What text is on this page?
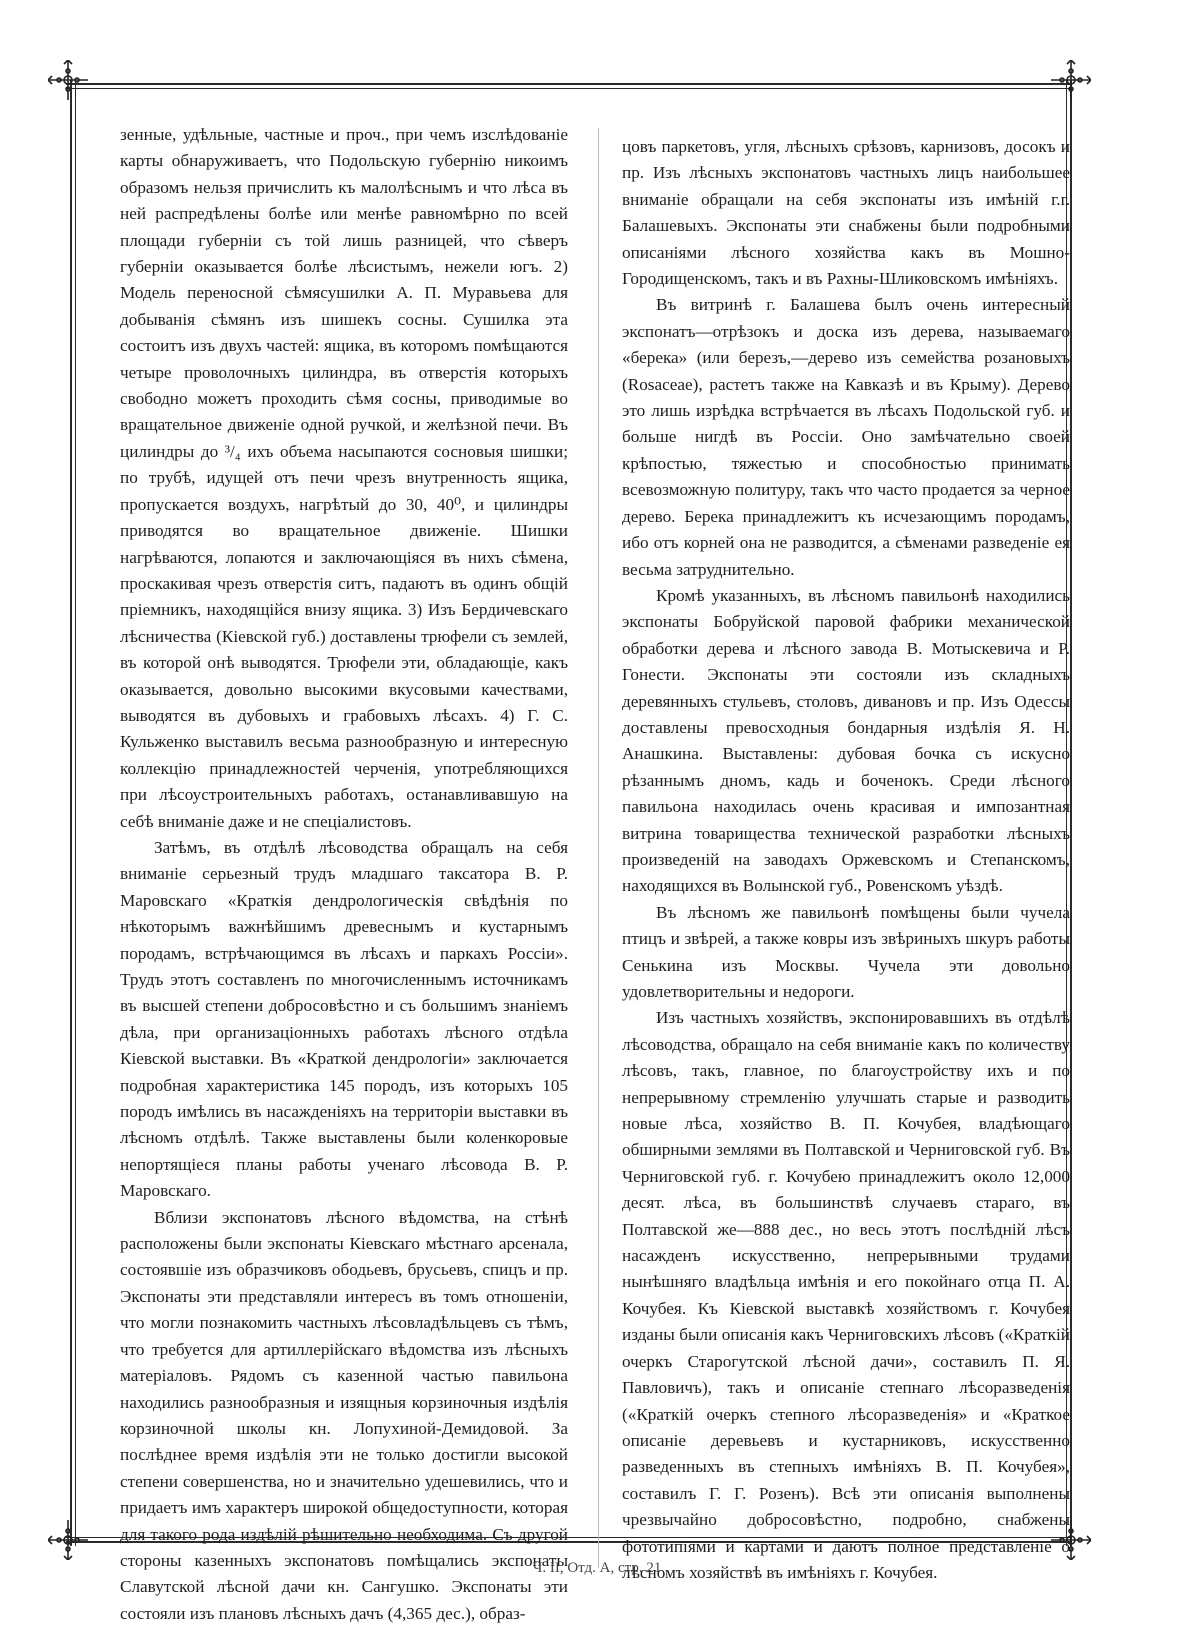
зенные, удѣльные, частные и проч., при чемъ изслѣдованіе карты обнаруживаетъ, что Подольскую губернію никоимъ образомъ нельзя причислить къ малолѣснымъ и что лѣса въ ней распредѣлены болѣе или менѣе равномѣрно по всей площади губерніи съ той лишь разницей, что сѣверъ губерніи оказывается болѣе лѣсистымъ, нежели югъ. 2) Модель переносной сѣмясушилки А. П. Муравьева для добыванія сѣмянъ изъ шишекъ сосны. Сушилка эта состоитъ изъ двухъ частей: ящика, въ которомъ помѣщаются четыре проволочныхъ цилиндра, въ отверстія которыхъ свободно можетъ проходить сѣмя сосны, приводимые во вращательное движеніе одной ручкой, и желѣзной печи. Въ цилиндры до ³/₄ ихъ объема насыпаются сосновыя шишки; по трубѣ, идущей отъ печи чрезъ внутренность ящика, пропускается воздухъ, нагрѣтый до 30, 40⁰, и цилиндры приводятся во вращательное движеніе. Шишки нагрѣваются, лопаются и заключающіяся въ нихъ сѣмена, проскакивая чрезъ отверстія ситъ, падаютъ въ одинъ общій пріемникъ, находящійся внизу ящика. 3) Изъ Бердичевскаго лѣсничества (Кіевской губ.) доставлены трюфели съ землей, въ которой онѣ выводятся. Трюфели эти, обладающіе, какъ оказывается, довольно высокими вкусовыми качествами, выводятся въ дубовыхъ и грабовыхъ лѣсахъ. 4) Г. С. Кульженко выставилъ весьма разнообразную и интересную коллекцію принадлежностей черченія, употребляющихся при лѣсоустроительныхъ работахъ, останавливавшую на себѣ вниманіе даже и не спеціалистовъ.

Затѣмъ, въ отдѣлѣ лѣсоводства обращалъ на себя вниманіе серьезный трудъ младшаго таксатора В. Р. Маровскаго «Краткія дендрологическія свѣдѣнія по нѣкоторымъ важнѣйшимъ древеснымъ и кустарнымъ породамъ, встрѣчающимся въ лѣсахъ и паркахъ Россіи». Трудъ этотъ составленъ по многочисленнымъ источникамъ въ высшей степени добросовѣстно и съ большимъ знаніемъ дѣла, при организаціонныхъ работахъ лѣсного отдѣла Кіевской выставки. Въ «Краткой дендрологіи» заключается подробная характеристика 145 породъ, изъ которыхъ 105 породъ имѣлись въ насажденіяхъ на территоріи выставки въ лѣсномъ отдѣлѣ. Также выставлены были коленкоровые непортящіеся планы работы ученаго лѣсовода В. Р. Маровскаго.

Вблизи экспонатовъ лѣсного вѣдомства, на стѣнѣ расположены были экспонаты Кіевскаго мѣстнаго арсенала, состоявшіе изъ образчиковъ ободьевъ, брусьевъ, спицъ и пр. Экспонаты эти представляли интересъ въ томъ отношеніи, что могли познакомить частныхъ лѣсовладѣльцевъ съ тѣмъ, что требуется для артиллерійскаго вѣдомства изъ лѣсныхъ матеріаловъ. Рядомъ съ казенной частью павильона находились разнообразныя и изящныя корзиночныя издѣлія корзиночной школы кн. Лопухиной-Демидовой. За послѣднее время издѣлія эти не только достигли высокой степени совершенства, но и значительно удешевились, что и придаетъ имъ характеръ широкой общедоступности, которая для такого рода издѣлій рѣшительно необходима. Съ другой стороны казенныхъ экспонатовъ помѣщались экспонаты Славутской лѣсной дачи кн. Сангушко. Экспонаты эти состояли изъ плановъ лѣсныхъ дачъ (4,365 дес.), образ-

цовъ паркетовъ, угля, лѣсныхъ срѣзовъ, карнизовъ, досокъ и пр. Изъ лѣсныхъ экспонатовъ частныхъ лицъ наибольшее вниманіе обращали на себя экспонаты изъ имѣній г.г. Балашевыхъ. Экспонаты эти снабжены были подробными описаніями лѣсного хозяйства какъ въ Мошно-Городищенскомъ, такъ и въ Рахны-Шликовскомъ имѣніяхъ.

Въ витринѣ г. Балашева былъ очень интересный экспонатъ—отрѣзокъ и доска изъ дерева, называемаго «берека» (или березъ,—дерево изъ семейства розановыхъ (Rosaceae), растетъ также на Кавказѣ и въ Крыму). Дерево это лишь изрѣдка встрѣчается въ лѣсахъ Подольской губ. и больше нигдѣ въ Россіи. Оно замѣчательно своей крѣпостью, тяжестью и способностью принимать всевозможную политуру, такъ что часто продается за черное дерево. Берека принадлежитъ къ исчезающимъ породамъ, ибо отъ корней она не разводится, а сѣменами разведеніе ея весьма затруднительно.

Кромѣ указанныхъ, въ лѣсномъ павильонѣ находились экспонаты Бобруйской паровой фабрики механической обработки дерева и лѣсного завода В. Мотыскевича и Р. Гонести. Экспонаты эти состояли изъ складныхъ деревянныхъ стульевъ, столовъ, дивановъ и пр. Изъ Одессы доставлены превосходныя бондарныя издѣлія Я. Н. Анашкина. Выставлены: дубовая бочка съ искусно рѣзаннымъ дномъ, кадь и боченокъ. Среди лѣсного павильона находилась очень красивая и импозантная витрина товарищества технической разработки лѣсныхъ произведеній на заводахъ Оржевскомъ и Степанскомъ, находящихся въ Волынской губ., Ровенскомъ уѣздѣ.

Въ лѣсномъ же павильонѣ помѣщены были чучела птицъ и звѣрей, а также ковры изъ звѣриныхъ шкуръ работы Сенькина изъ Москвы. Чучела эти довольно удовлетворительны и недороги.

Изъ частныхъ хозяйствъ, экспонировавшихъ въ отдѣлѣ лѣсоводства, обращало на себя вниманіе какъ по количеству лѣсовъ, такъ, главное, по благоустройству ихъ и по непрерывному стремленію улучшать старые и разводить новые лѣса, хозяйство В. П. Кочубея, владѣющаго обширными землями въ Полтавской и Черниговской губ. Въ Черниговской губ. г. Кочубею принадлежитъ около 12,000 десят. лѣса, въ большинствѣ случаевъ стараго, въ Полтавской же—888 дес., но весь этотъ послѣдній лѣсъ насажденъ искусственно, непрерывными трудами нынѣшняго владѣльца имѣнія и его покойнаго отца П. А. Кочубея. Къ Кіевской выставкѣ хозяйствомъ г. Кочубея изданы были описанія какъ Черниговскихъ лѣсовъ («Краткій очеркъ Старогутской лѣсной дачи», составилъ П. Я. Павловичъ), такъ и описаніе степнаго лѣсоразведенія («Краткій очеркъ степного лѣсоразведенія» и «Краткое описаніе деревьевъ и кустарниковъ, искусственно разведенныхъ въ степныхъ имѣніяхъ В. П. Кочубея», составилъ Г. Г. Розенъ). Всѣ эти описанія выполнены чрезвычайно добросовѣстно, подробно, снабжены фототипіями и картами и даютъ полное представленіе о лѣсномъ хозяйствѣ въ имѣніяхъ г. Кочубея.

Ч. II, Отд. А, стр. 21
